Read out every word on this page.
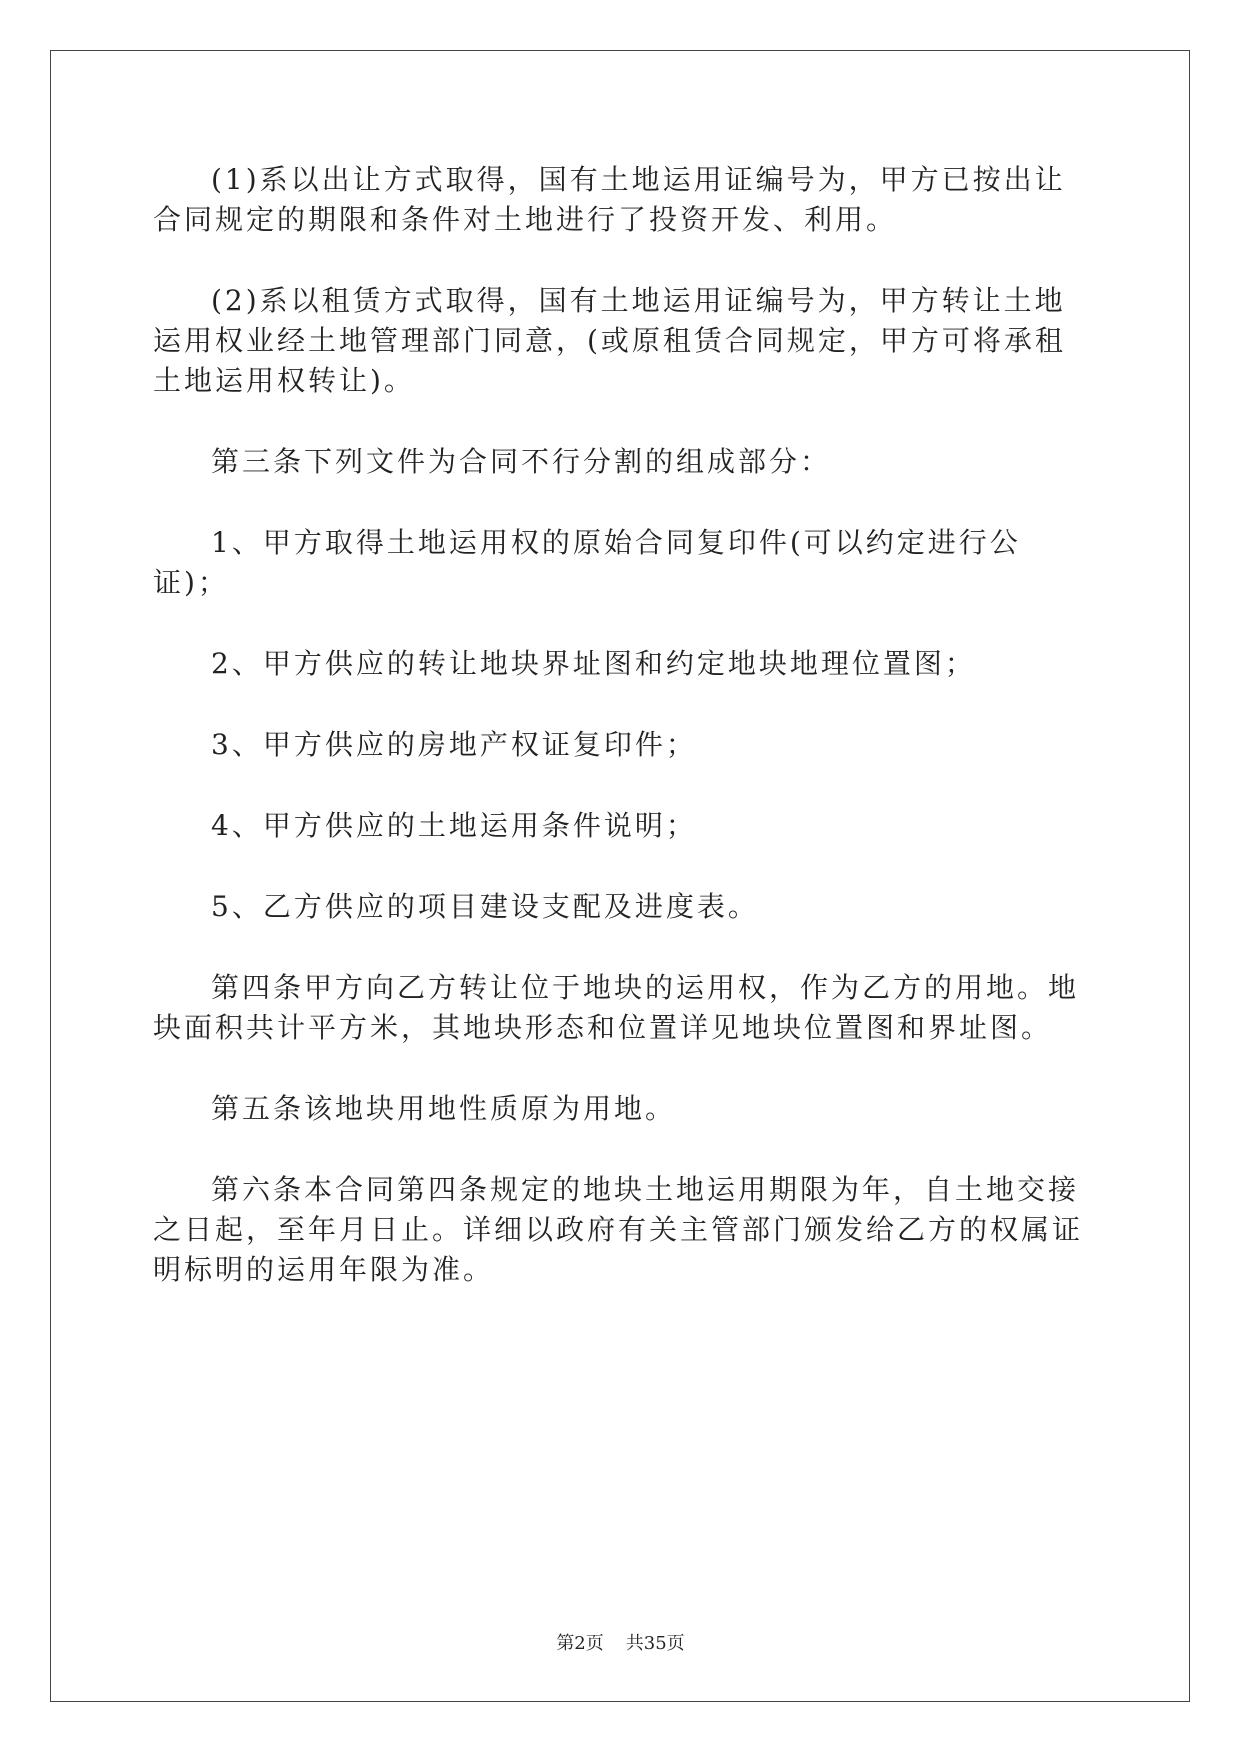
(1)系以出让方式取得，国有土地运用证编号为，甲方已按出让合同规定的期限和条件对土地进行了投资开发、利用。

(2)系以租赁方式取得，国有土地运用证编号为，甲方转让土地运用权业经土地管理部门同意，(或原租赁合同规定，甲方可将承租土地运用权转让)。

第三条下列文件为合同不行分割的组成部分：

1、甲方取得土地运用权的原始合同复印件(可以约定进行公证)；

2、甲方供应的转让地块界址图和约定地块地理位置图；

3、甲方供应的房地产权证复印件；

4、甲方供应的土地运用条件说明；

5、乙方供应的项目建设支配及进度表。

第四条甲方向乙方转让位于地块的运用权，作为乙方的用地。地块面积共计平方米，其地块形态和位置详见地块位置图和界址图。

第五条该地块用地性质原为用地。

第六条本合同第四条规定的地块土地运用期限为年，自土地交接之日起，至年月日止。详细以政府有关主管部门颁发给乙方的权属证明标明的运用年限为准。

第2页 共35页
